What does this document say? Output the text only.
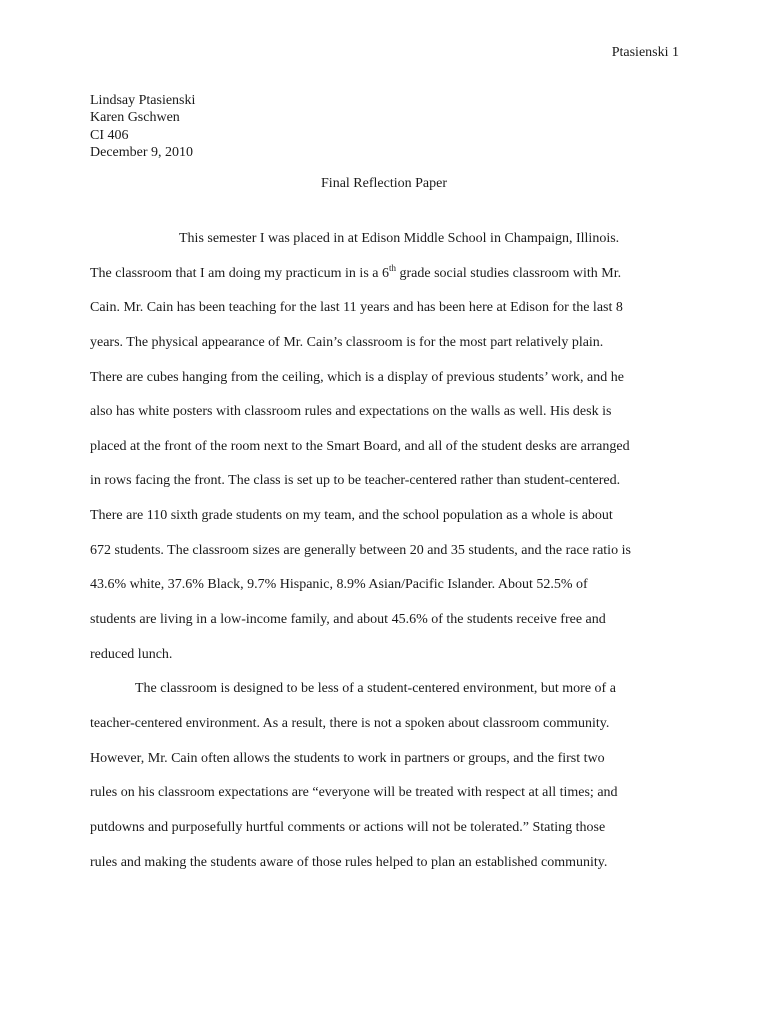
Ptasienski 1
Lindsay Ptasienski
Karen Gschwen
CI 406
December 9, 2010
Final Reflection Paper
This semester I was placed in at Edison Middle School in Champaign, Illinois.
The classroom that I am doing my practicum in is a 6th grade social studies classroom with Mr.
Cain. Mr. Cain has been teaching for the last 11 years and has been here at Edison for the last 8
years. The physical appearance of Mr. Cain’s classroom is for the most part relatively plain.
There are cubes hanging from the ceiling, which is a display of previous students’ work, and he
also has white posters with classroom rules and expectations on the walls as well. His desk is
placed at the front of the room next to the Smart Board, and all of the student desks are arranged
in rows facing the front. The class is set up to be teacher-centered rather than student-centered.
There are 110 sixth grade students on my team, and the school population as a whole is about
672 students. The classroom sizes are generally between 20 and 35 students, and the race ratio is
43.6% white, 37.6% Black, 9.7% Hispanic, 8.9% Asian/Pacific Islander. About 52.5% of
students are living in a low-income family, and about 45.6% of the students receive free and
reduced lunch.
The classroom is designed to be less of a student-centered environment, but more of a
teacher-centered environment. As a result, there is not a spoken about classroom community.
However, Mr. Cain often allows the students to work in partners or groups, and the first two
rules on his classroom expectations are “everyone will be treated with respect at all times; and
putdowns and purposefully hurtful comments or actions will not be tolerated.” Stating those
rules and making the students aware of those rules helped to plan an established community.
